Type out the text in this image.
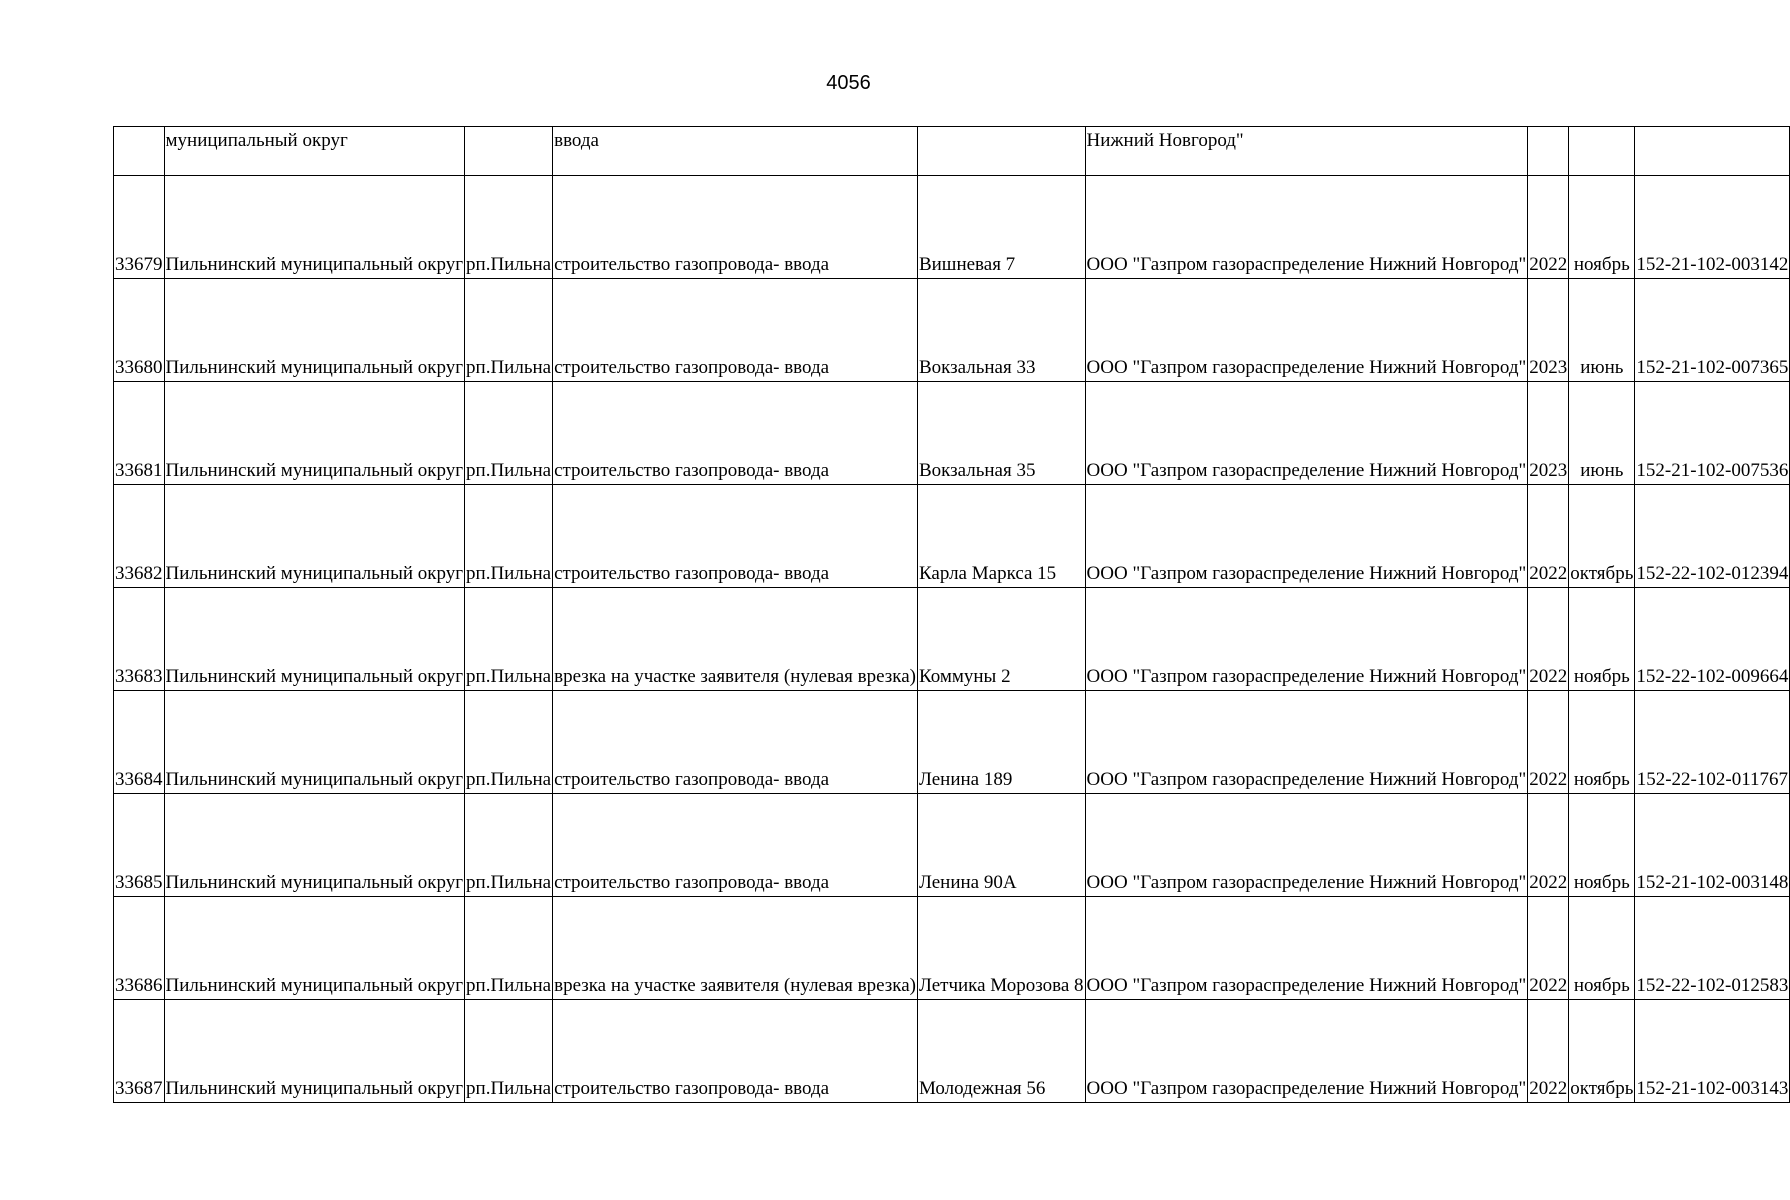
4056
	муниципальный округ		ввода		Нижний Новгород"			
33679	Пильнинский муниципальный округ	рп.Пильна	строительство газопровода- ввода	Вишневая 7	ООО "Газпром газораспределение Нижний Новгород"	2022	ноябрь	152-21-102-003142
33680	Пильнинский муниципальный округ	рп.Пильна	строительство газопровода- ввода	Вокзальная 33	ООО "Газпром газораспределение Нижний Новгород"	2023	июнь	152-21-102-007365
33681	Пильнинский муниципальный округ	рп.Пильна	строительство газопровода- ввода	Вокзальная 35	ООО "Газпром газораспределение Нижний Новгород"	2023	июнь	152-21-102-007536
33682	Пильнинский муниципальный округ	рп.Пильна	строительство газопровода- ввода	Карла Маркса 15	ООО "Газпром газораспределение Нижний Новгород"	2022	октябрь	152-22-102-012394
33683	Пильнинский муниципальный округ	рп.Пильна	врезка на участке заявителя (нулевая врезка)	Коммуны 2	ООО "Газпром газораспределение Нижний Новгород"	2022	ноябрь	152-22-102-009664
33684	Пильнинский муниципальный округ	рп.Пильна	строительство газопровода- ввода	Ленина 189	ООО "Газпром газораспределение Нижний Новгород"	2022	ноябрь	152-22-102-011767
33685	Пильнинский муниципальный округ	рп.Пильна	строительство газопровода- ввода	Ленина 90А	ООО "Газпром газораспределение Нижний Новгород"	2022	ноябрь	152-21-102-003148
33686	Пильнинский муниципальный округ	рп.Пильна	врезка на участке заявителя (нулевая врезка)	Летчика Морозова 8	ООО "Газпром газораспределение Нижний Новгород"	2022	ноябрь	152-22-102-012583
33687	Пильнинский муниципальный округ	рп.Пильна	строительство газопровода- ввода	Молодежная 56	ООО "Газпром газораспределение Нижний Новгород"	2022	октябрь	152-21-102-003143
